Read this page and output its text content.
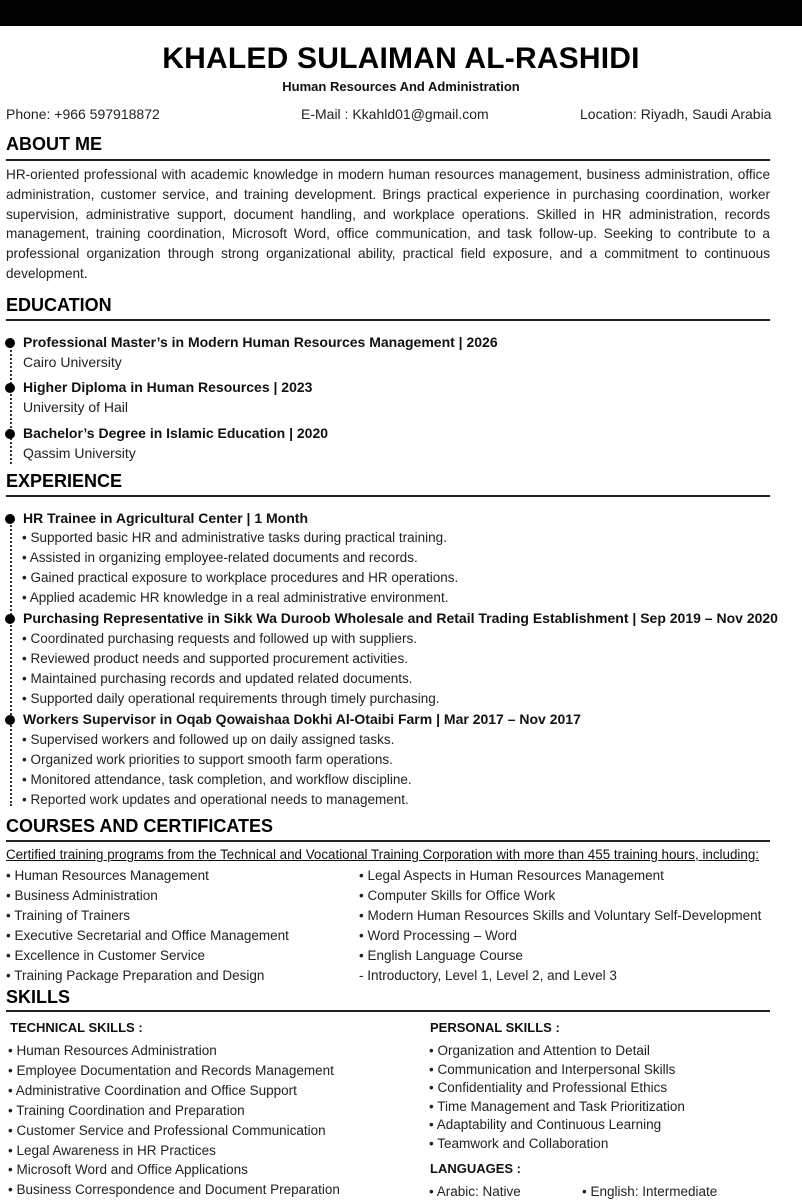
KHALED SULAIMAN AL-RASHIDI
Human Resources And Administration
Phone: +966 597918872	E-Mail : Kkahld01@gmail.com	Location: Riyadh, Saudi Arabia
ABOUT ME
HR-oriented professional with academic knowledge in modern human resources management, business administration, office administration, customer service, and training development. Brings practical experience in purchasing coordination, worker supervision, administrative support, document handling, and workplace operations. Skilled in HR administration, records management, training coordination, Microsoft Word, office communication, and task follow-up. Seeking to contribute to a professional organization through strong organizational ability, practical field exposure, and a commitment to continuous development.
EDUCATION
Professional Master’s in Modern Human Resources Management | 2026
Cairo University
Higher Diploma in Human Resources | 2023
University of Hail
Bachelor’s Degree in Islamic Education | 2020
Qassim University
EXPERIENCE
HR Trainee in Agricultural Center | 1 Month
• Supported basic HR and administrative tasks during practical training.
• Assisted in organizing employee-related documents and records.
• Gained practical exposure to workplace procedures and HR operations.
• Applied academic HR knowledge in a real administrative environment.
Purchasing Representative in Sikk Wa Duroob Wholesale and Retail Trading Establishment | Sep 2019 – Nov 2020
• Coordinated purchasing requests and followed up with suppliers.
• Reviewed product needs and supported procurement activities.
• Maintained purchasing records and updated related documents.
• Supported daily operational requirements through timely purchasing.
Workers Supervisor in Oqab Qowaishaa Dokhi Al-Otaibi Farm | Mar 2017 – Nov 2017
• Supervised workers and followed up on daily assigned tasks.
• Organized work priorities to support smooth farm operations.
• Monitored attendance, task completion, and workflow discipline.
• Reported work updates and operational needs to management.
COURSES AND CERTIFICATES
Certified training programs from the Technical and Vocational Training Corporation with more than 455 training hours, including:
• Human Resources Management
• Business Administration
• Training of Trainers
• Executive Secretarial and Office Management
• Excellence in Customer Service
• Training Package Preparation and Design
• Legal Aspects in Human Resources Management
• Computer Skills for Office Work
• Modern Human Resources Skills and Voluntary Self-Development
• Word Processing – Word
• English Language Course
- Introductory, Level 1, Level 2, and Level 3
SKILLS
TECHNICAL SKILLS :
• Human Resources Administration
• Employee Documentation and Records Management
• Administrative Coordination and Office Support
• Training Coordination and Preparation
• Customer Service and Professional Communication
• Legal Awareness in HR Practices
• Microsoft Word and Office Applications
• Business Correspondence and Document Preparation
PERSONAL SKILLS :
• Organization and Attention to Detail
• Communication and Interpersonal Skills
• Confidentiality and Professional Ethics
• Time Management and Task Prioritization
• Adaptability and Continuous Learning
• Teamwork and Collaboration
LANGUAGES :
• Arabic: Native	• English: Intermediate
